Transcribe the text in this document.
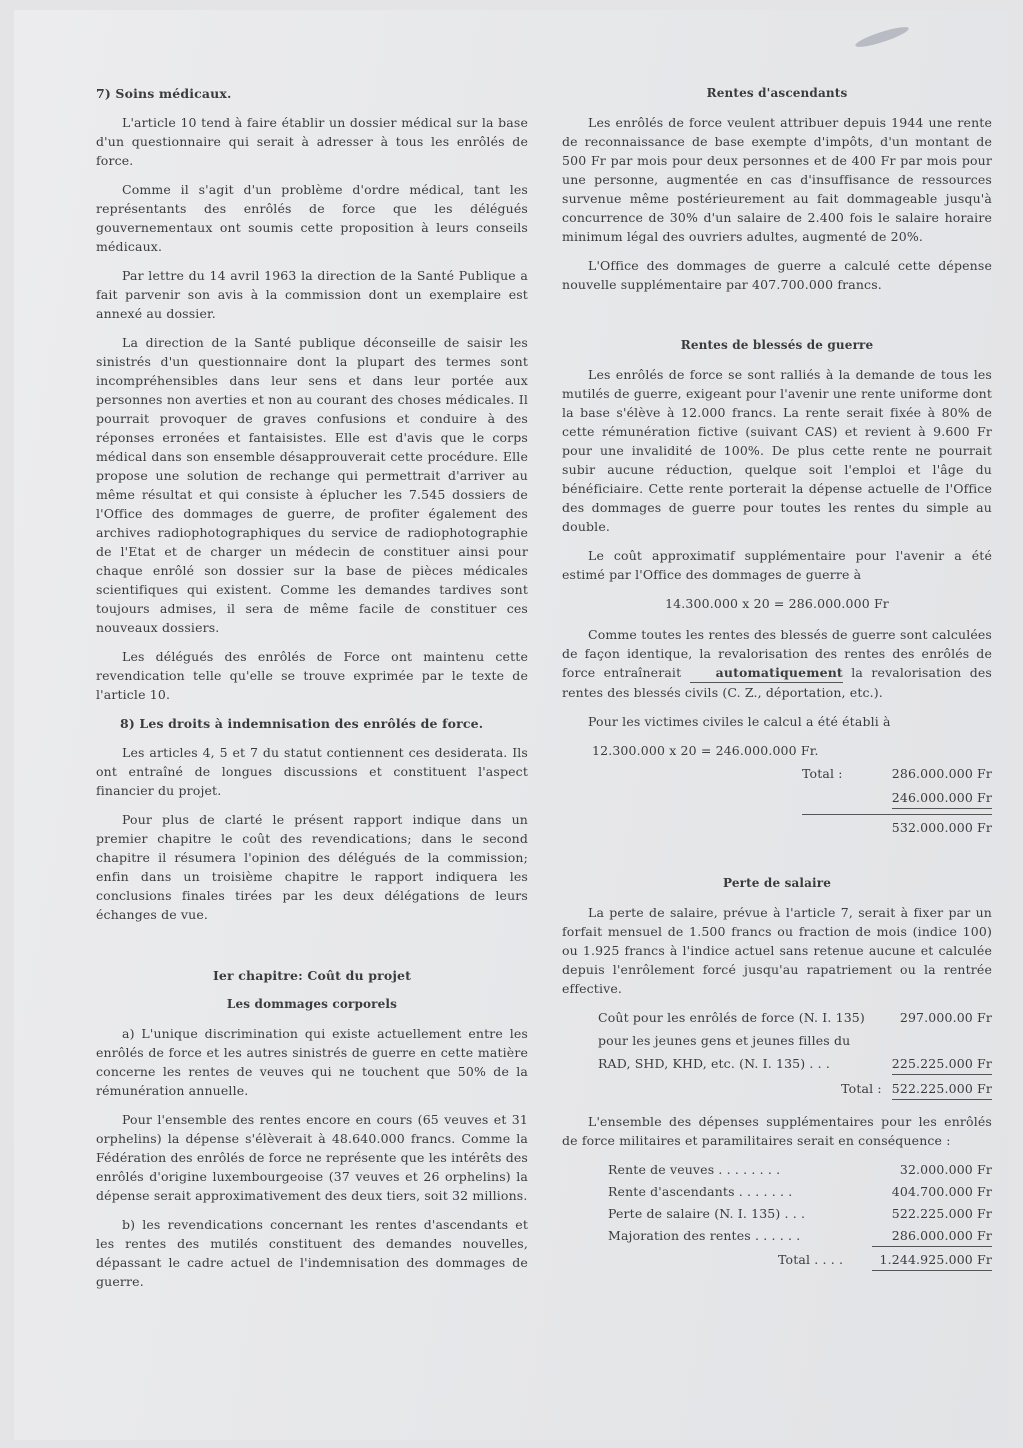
7) Soins médicaux.

L'article 10 tend à faire établir un dossier médical sur la base d'un questionnaire qui serait à adresser à tous les enrôlés de force.

Comme il s'agit d'un problème d'ordre médical, tant les représentants des enrôlés de force que les délégués gouvernementaux ont soumis cette proposition à leurs conseils médicaux.

Par lettre du 14 avril 1963 la direction de la Santé Publique a fait parvenir son avis à la commission dont un exemplaire est annexé au dossier.

La direction de la Santé publique déconseille de saisir les sinistrés d'un questionnaire dont la plupart des termes sont incompréhensibles dans leur sens et dans leur portée aux personnes non averties et non au courant des choses médicales. Il pourrait provoquer de graves confusions et conduire à des réponses erronées et fantaisistes. Elle est d'avis que le corps médical dans son ensemble désapprouverait cette procédure. Elle propose une solution de rechange qui permettrait d'arriver au même résultat et qui consiste à éplucher les 7.545 dossiers de l'Office des dommages de guerre, de profiter également des archives radiophotographiques du service de radiophotographie de l'Etat et de charger un médecin de constituer ainsi pour chaque enrôlé son dossier sur la base de pièces médicales scientifiques qui existent. Comme les demandes tardives sont toujours admises, il sera de même facile de constituer ces nouveaux dossiers.

Les délégués des enrôlés de Force ont maintenu cette revendication telle qu'elle se trouve exprimée par le texte de l'article 10.

8) Les droits à indemnisation des enrôlés de force.

Les articles 4, 5 et 7 du statut contiennent ces desiderata. Ils ont entraîné de longues discussions et constituent l'aspect financier du projet.

Pour plus de clarté le présent rapport indique dans un premier chapitre le coût des revendications; dans le second chapitre il résumera l'opinion des délégués de la commission; enfin dans un troisième chapitre le rapport indiquera les conclusions finales tirées par les deux délégations de leurs échanges de vue.

Ier chapitre: Coût du projet
Les dommages corporels

a) L'unique discrimination qui existe actuellement entre les enrôlés de force et les autres sinistrés de guerre en cette matière concerne les rentes de veuves qui ne touchent que 50% de la rémunération annuelle.

Pour l'ensemble des rentes encore en cours (65 veuves et 31 orphelins) la dépense s'élèverait à 48.640.000 francs. Comme la Fédération des enrôlés de force ne représente que les intérêts des enrôlés d'origine luxembourgeoise (37 veuves et 26 orphelins) la dépense serait approximativement des deux tiers, soit 32 millions.

b) les revendications concernant les rentes d'ascendants et les rentes des mutilés constituent des demandes nouvelles, dépassant le cadre actuel de l'indemnisation des dommages de guerre.

Rentes d'ascendants

Les enrôlés de force veulent attribuer depuis 1944 une rente de reconnaissance de base exempte d'impôts, d'un montant de 500 Fr par mois pour deux personnes et de 400 Fr par mois pour une personne, augmentée en cas d'insuffisance de ressources survenue même postérieurement au fait dommageable jusqu'à concurrence de 30% d'un salaire de 2.400 fois le salaire horaire minimum légal des ouvriers adultes, augmenté de 20%.

L'Office des dommages de guerre a calculé cette dépense nouvelle supplémentaire par 407.700.000 francs.

Rentes de blessés de guerre

Les enrôlés de force se sont ralliés à la demande de tous les mutilés de guerre, exigeant pour l'avenir une rente uniforme dont la base s'élève à 12.000 francs. La rente serait fixée à 80% de cette rémunération fictive (suivant CAS) et revient à 9.600 Fr pour une invalidité de 100%. De plus cette rente ne pourrait subir aucune réduction, quelque soit l'emploi et l'âge du bénéficiaire. Cette rente porterait la dépense actuelle de l'Office des dommages de guerre pour toutes les rentes du simple au double.

Le coût approximatif supplémentaire pour l'avenir a été estimé par l'Office des dommages de guerre à

14.300.000 x 20 = 286.000.000 Fr

Comme toutes les rentes des blessés de guerre sont calculées de façon identique, la revalorisation des rentes des enrôlés de force entraînerait automatiquement la revalorisation des rentes des blessés civils (C. Z., déportation, etc.).

Pour les victimes civiles le calcul a été établi à

12.300.000 x 20 = 246.000.000 Fr.
Total :	286.000.000 Fr
246.000.000 Fr
532.000.000 Fr
Perte de salaire

La perte de salaire, prévue à l'article 7, serait à fixer par un forfait mensuel de 1.500 francs ou fraction de mois (indice 100) ou 1.925 francs à l'indice actuel sans retenue aucune et calculée depuis l'enrôlement forcé jusqu'au rapatriement ou la rentrée effective.

Coût pour les enrôlés de force (N. I. 135)	297.000.00 Fr
pour les jeunes gens et jeunes filles du
RAD, SHD, KHD, etc. (N. I. 135) . . .	225.225.000 Fr
Total : 522.225.000 Fr

L'ensemble des dépenses supplémentaires pour les enrôlés de force militaires et paramilitaires serait en conséquence :

Rente de veuves . . . . . . . .	32.000.000 Fr
Rente d'ascendants . . . . . . .	404.700.000 Fr
Perte de salaire (N. I. 135) . . .	522.225.000 Fr
Majoration des rentes . . . . . .	286.000.000 Fr
Total . . . .	1.244.925.000 Fr
